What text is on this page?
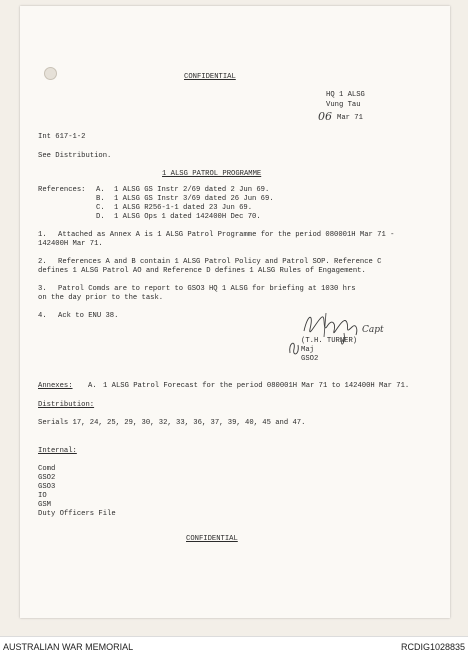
CONFIDENTIAL
HQ 1 ALSG
Vung Tau
06 Mar 71
Int 617-1-2
See Distribution.
1 ALSG PATROL PROGRAMME
References: A. 1 ALSG GS Instr 2/69 dated 2 Jun 69.
B. 1 ALSG GS Instr 3/69 dated 26 Jun 69.
C. 1 ALSG R256-1-1 dated 23 Jun 69.
D. 1 ALSG Ops 1 dated 142400H Dec 70.
1. Attached as Annex A is 1 ALSG Patrol Programme for the period 080001H Mar 71 -
142400H Mar 71.
2. References A and B contain 1 ALSG Patrol Policy and Patrol SOP. Reference C
defines 1 ALSG Patrol AO and Reference D defines 1 ALSG Rules of Engagement.
3. Patrol Comds are to report to GSO3 HQ 1 ALSG for briefing at 1030 hrs
on the day prior to the task.
4. Ack to ENU 38.
Capt
(T.H. TURNER)
Maj
GSO2
Annexes: A. 1 ALSG Patrol Forecast for the period 080001H Mar 71 to 142400H Mar 71.
Distribution:
Serials 17, 24, 25, 29, 30, 32, 33, 36, 37, 39, 40, 45 and 47.
Internal:
Comd
GSO2
GSO3
IO
GSM
Duty Officers File
CONFIDENTIAL
AUSTRALIAN WAR MEMORIAL	RCDIG1028835
